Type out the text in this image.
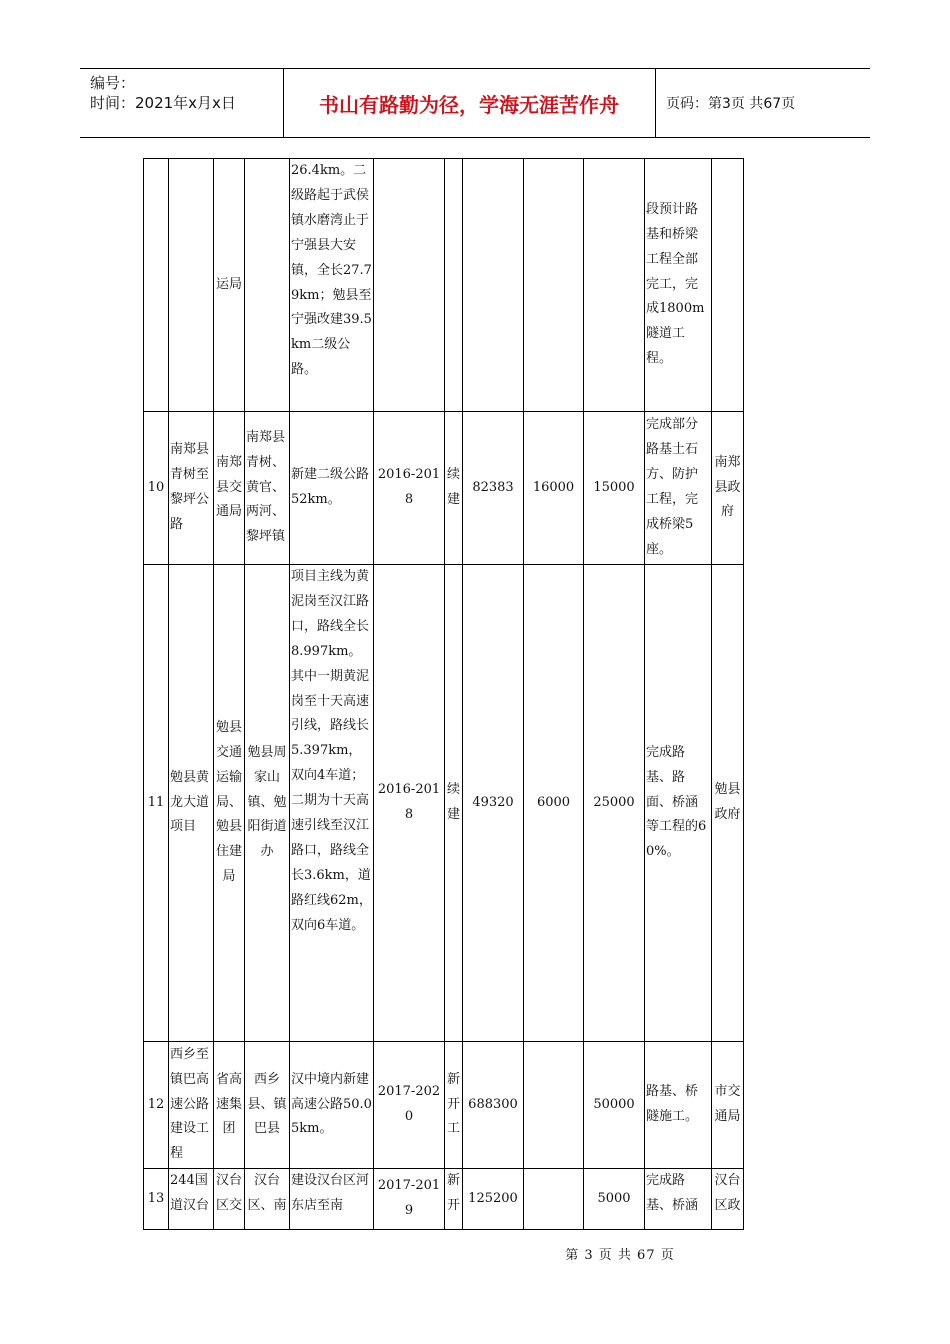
编号：
时间：2021年x月x日	书山有路勤为径，学海无涯苦作舟	页码：第3页 共67页
		运局		26.4km。二级路起于武侯镇水磨湾止于宁强县大安镇，全长27.79km；勉县至宁强改建39.5km二级公路。						段预计路基和桥梁工程全部完工，完成1800m隧道工程。	
10	南郑县青树至黎坪公路	南郑县交通局	南郑县青树、黄官、两河、黎坪镇	新建二级公路52km。	2016-2018	续建	82383	16000	15000	完成部分路基土石方、防护工程，完成桥梁5座。	南郑县政府
11	勉县黄龙大道项目	勉县交通运输局、勉县住建局	勉县周家山镇、勉阳街道办	项目主线为黄泥岗至汉江路口，路线全长8.997km。其中一期黄泥岗至十天高速引线，路线长5.397km，双向4车道；二期为十天高速引线至汉江路口，路线全长3.6km，道路红线62m，双向6车道。	2016-2018	续建	49320	6000	25000	完成路基、路面、桥涵等工程的60%。	勉县政府
12	西乡至镇巴高速公路建设工程	省高速集团	西乡县、镇巴县	汉中境内新建高速公路50.05km。	2017-2020	新开工	688300		50000	路基、桥隧施工。	市交通局
13	244国道汉台	汉台区交	汉台区、南	建设汉台区河东店至南	2017-2019	新开	125200		5000	完成路基、桥涵	汉台区政
第 3 页 共 67 页
